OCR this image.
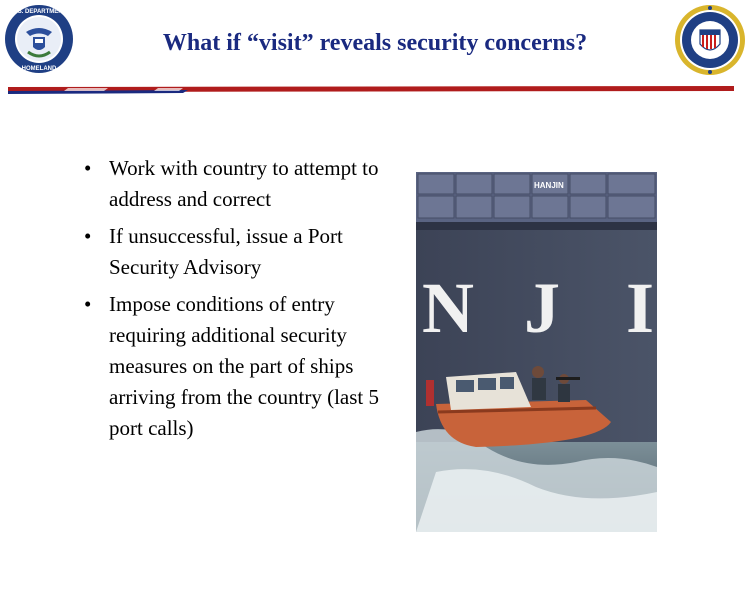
U.S. DEPARTMENT
HOMELAND
What if “visit” reveals security concerns?
• Work with country to attempt to address and correct
• If unsuccessful, issue a Port Security Advisory
• Impose conditions of entry requiring additional security measures on the part of ships arriving from the country (last 5 port calls)
HANJIN
N J I
